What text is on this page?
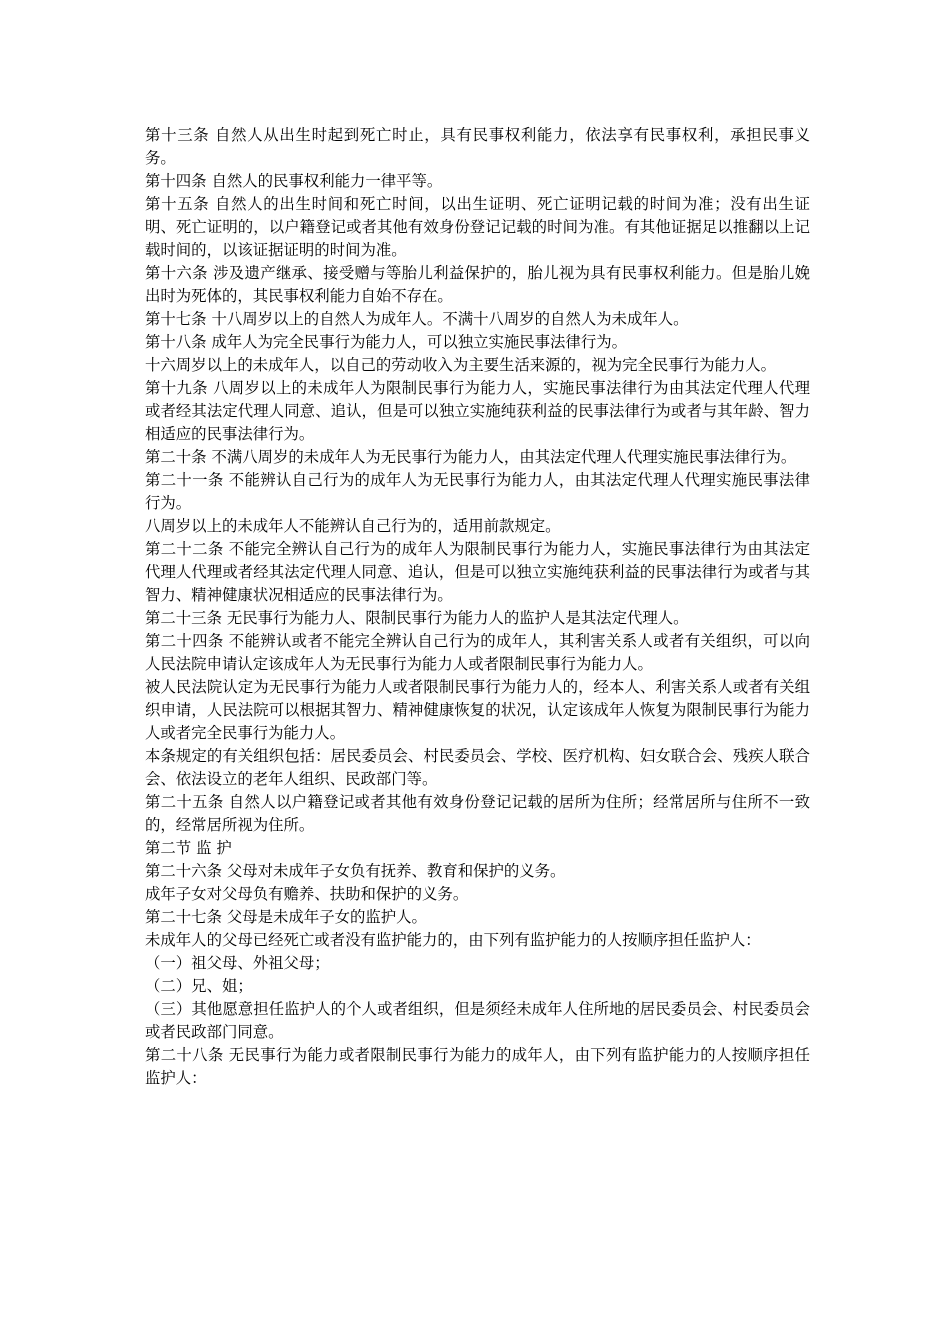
第十三条 自然人从出生时起到死亡时止，具有民事权利能力，依法享有民事权利，承担民事义务。

第十四条 自然人的民事权利能力一律平等。

第十五条 自然人的出生时间和死亡时间，以出生证明、死亡证明记载的时间为准；没有出生证明、死亡证明的，以户籍登记或者其他有效身份登记记载的时间为准。有其他证据足以推翻以上记载时间的，以该证据证明的时间为准。

第十六条 涉及遗产继承、接受赠与等胎儿利益保护的，胎儿视为具有民事权利能力。但是胎儿娩出时为死体的，其民事权利能力自始不存在。

第十七条 十八周岁以上的自然人为成年人。不满十八周岁的自然人为未成年人。

第十八条 成年人为完全民事行为能力人，可以独立实施民事法律行为。

十六周岁以上的未成年人，以自己的劳动收入为主要生活来源的，视为完全民事行为能力人。

第十九条 八周岁以上的未成年人为限制民事行为能力人，实施民事法律行为由其法定代理人代理或者经其法定代理人同意、追认，但是可以独立实施纯获利益的民事法律行为或者与其年龄、智力相适应的民事法律行为。

第二十条 不满八周岁的未成年人为无民事行为能力人，由其法定代理人代理实施民事法律行为。

第二十一条 不能辨认自己行为的成年人为无民事行为能力人，由其法定代理人代理实施民事法律行为。

八周岁以上的未成年人不能辨认自己行为的，适用前款规定。

第二十二条 不能完全辨认自己行为的成年人为限制民事行为能力人，实施民事法律行为由其法定代理人代理或者经其法定代理人同意、追认，但是可以独立实施纯获利益的民事法律行为或者与其智力、精神健康状况相适应的民事法律行为。

第二十三条 无民事行为能力人、限制民事行为能力人的监护人是其法定代理人。

第二十四条 不能辨认或者不能完全辨认自己行为的成年人，其利害关系人或者有关组织，可以向人民法院申请认定该成年人为无民事行为能力人或者限制民事行为能力人。

被人民法院认定为无民事行为能力人或者限制民事行为能力人的，经本人、利害关系人或者有关组织申请，人民法院可以根据其智力、精神健康恢复的状况，认定该成年人恢复为限制民事行为能力人或者完全民事行为能力人。

本条规定的有关组织包括：居民委员会、村民委员会、学校、医疗机构、妇女联合会、残疾人联合会、依法设立的老年人组织、民政部门等。

第二十五条 自然人以户籍登记或者其他有效身份登记记载的居所为住所；经常居所与住所不一致的，经常居所视为住所。

第二节 监 护

第二十六条 父母对未成年子女负有抚养、教育和保护的义务。

成年子女对父母负有赡养、扶助和保护的义务。

第二十七条 父母是未成年子女的监护人。

未成年人的父母已经死亡或者没有监护能力的，由下列有监护能力的人按顺序担任监护人：

（一）祖父母、外祖父母；

（二）兄、姐；

（三）其他愿意担任监护人的个人或者组织，但是须经未成年人住所地的居民委员会、村民委员会或者民政部门同意。

第二十八条 无民事行为能力或者限制民事行为能力的成年人，由下列有监护能力的人按顺序担任监护人：
